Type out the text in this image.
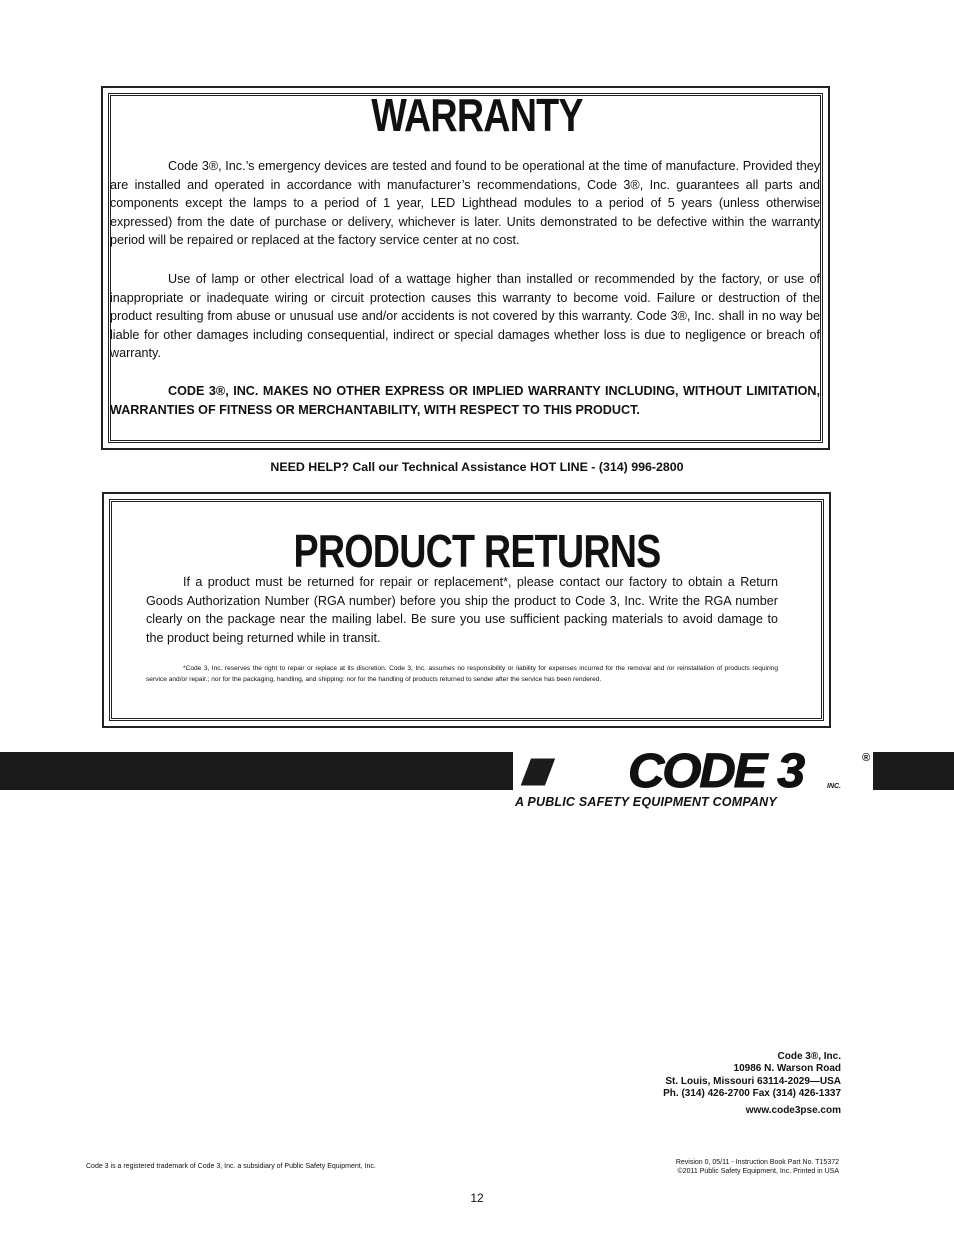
WARRANTY
Code 3®, Inc.’s emergency devices are tested and found to be operational at the time of manufacture. Provided they are installed and operated in accordance with manufacturer’s recommendations, Code 3®, Inc. guarantees all parts and components except the lamps to a period of 1 year, LED Lighthead modules to a period of 5 years (unless otherwise expressed) from the date of purchase or delivery, whichever is later. Units demonstrated to be defective within the warranty period will be repaired or replaced at the factory service center at no cost.
Use of lamp or other electrical load of a wattage higher than installed or recommended by the factory, or use of inappropriate or inadequate wiring or circuit protection causes this warranty to become void. Failure or destruction of the product resulting from abuse or unusual use and/or accidents is not covered by this warranty. Code 3®, Inc. shall in no way be liable for other damages including consequential, indirect or special damages whether loss is due to negligence or breach of warranty.
CODE 3®, INC. MAKES NO OTHER EXPRESS OR IMPLIED WARRANTY INCLUDING, WITHOUT LIMITATION, WARRANTIES OF FITNESS OR MERCHANTABILITY, WITH RESPECT TO THIS PRODUCT.
NEED HELP? Call our Technical Assistance HOT LINE - (314) 996-2800
PRODUCT RETURNS
If a product must be returned for repair or replacement*, please contact our factory to obtain a Return Goods Authorization Number (RGA number) before you ship the product to Code 3, Inc. Write the RGA number clearly on the package near the mailing label. Be sure you use sufficient packing materials to avoid damage to the product being returned while in transit.
*Code 3, Inc. reserves the right to repair or replace at its discretion. Code 3, Inc. assumes no responsibility or liability for expenses incurred for the removal and /or reinstallation of products requiring service and/or repair.; nor for the packaging, handling, and shipping: nor for the handling of products returned to sender after the service has been rendered.
////// CODE 3	®
INC.
A PUBLIC SAFETY EQUIPMENT COMPANY
Code 3®, Inc.
10986 N. Warson Road
St. Louis, Missouri 63114-2029—USA
Ph. (314) 426-2700 Fax (314) 426-1337
www.code3pse.com
Code 3 is a registered trademark of Code 3, Inc. a subsidiary of Public Safety Equipment, Inc.
Revision 0, 05/11 - Instruction Book Part No. T15372
©2011 Public Safety Equipment, Inc. Printed in USA
12
